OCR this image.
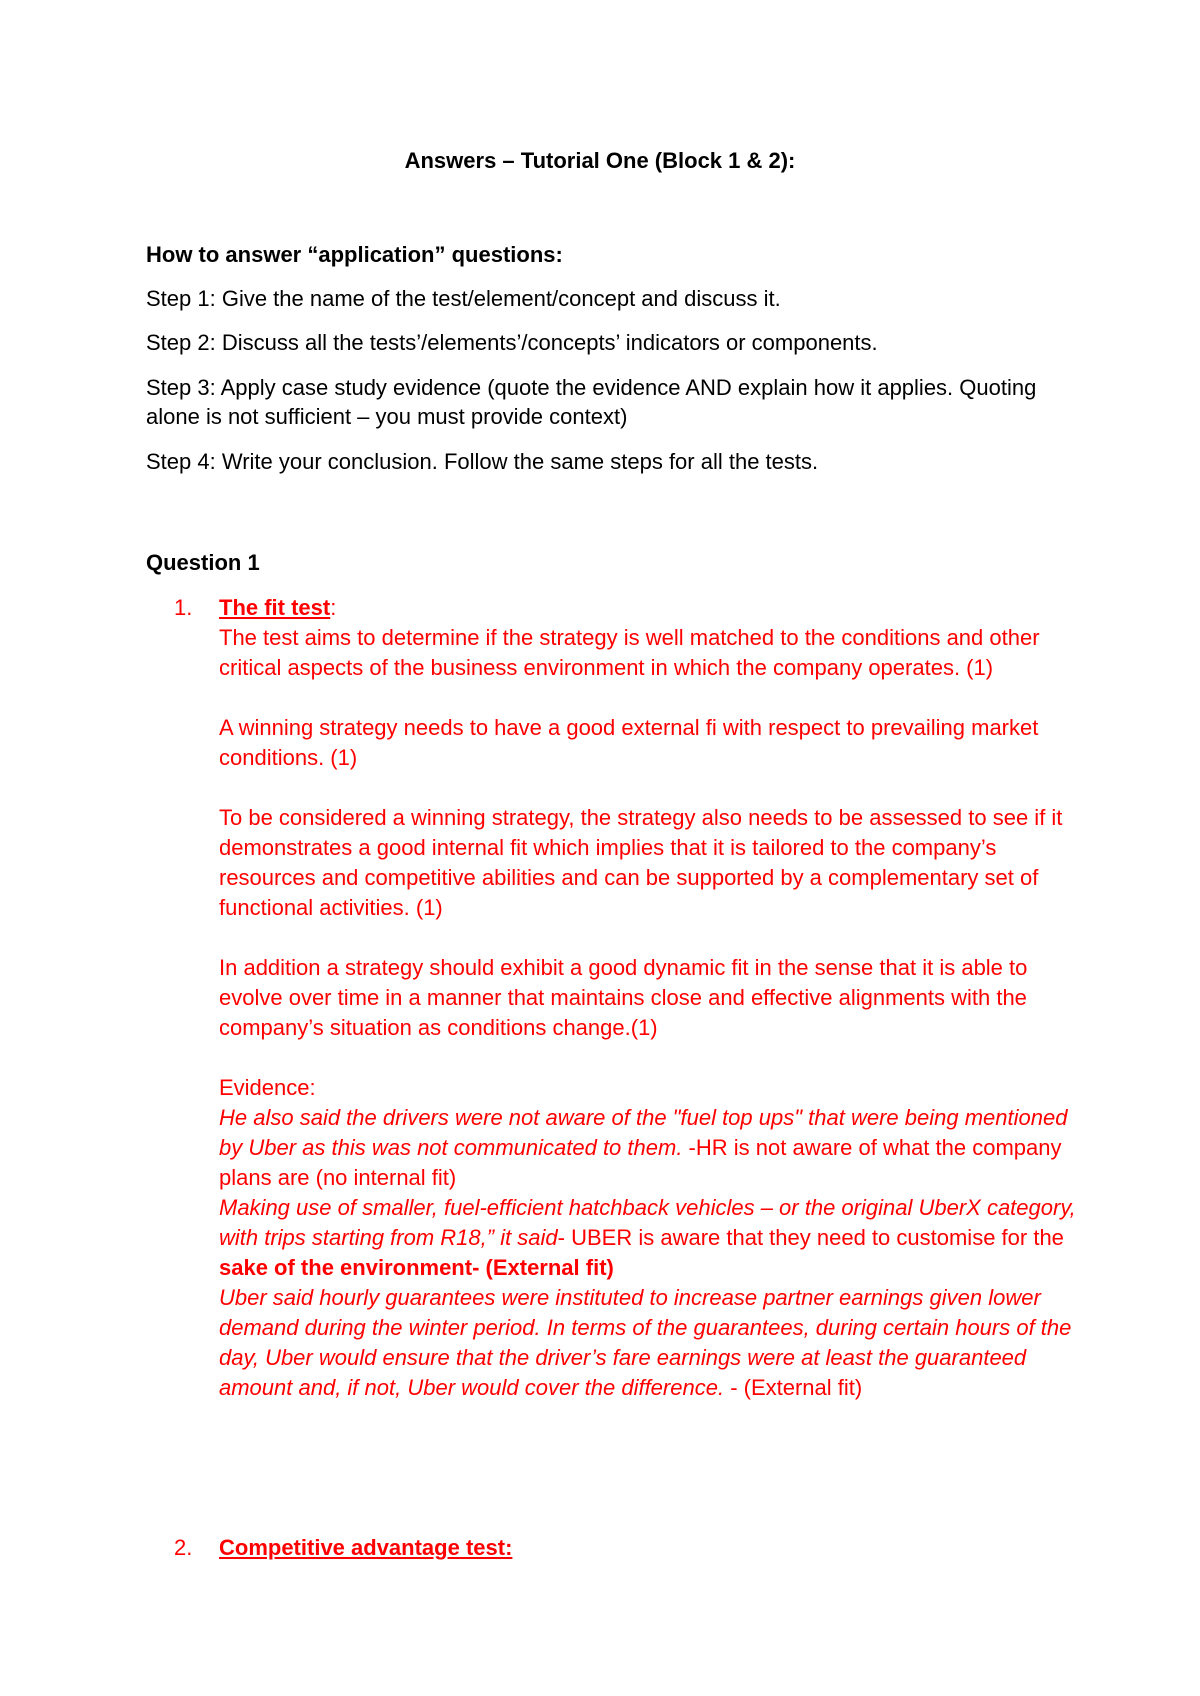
Answers – Tutorial One (Block 1 & 2):
How to answer “application” questions:
Step 1: Give the name of the test/element/concept and discuss it.
Step 2: Discuss all the tests’/elements’/concepts’ indicators or components.
Step 3: Apply case study evidence (quote the evidence AND explain how it applies. Quoting alone is not sufficient – you must provide context)
Step 4: Write your conclusion. Follow the same steps for all the tests.
Question 1
1. The fit test:

The test aims to determine if the strategy is well matched to the conditions and other critical aspects of the business environment in which the company operates. (1)

A winning strategy needs to have a good external fi with respect to prevailing market conditions. (1)

To be considered a winning strategy, the strategy also needs to be assessed to see if it demonstrates a good internal fit which implies that it is tailored to the company’s resources and competitive abilities and can be supported by a complementary set of functional activities. (1)

In addition a strategy should exhibit a good dynamic fit in the sense that it is able to evolve over time in a manner that maintains close and effective alignments with the company’s situation as conditions change.(1)

Evidence:

He also said the drivers were not aware of the "fuel top ups" that were being mentioned by Uber as this was not communicated to them. -HR is not aware of what the company plans are (no internal fit)

Making use of smaller, fuel-efficient hatchback vehicles – or the original UberX category, with trips starting from R18,” it said- UBER is aware that they need to customise for the sake of the environment- (External fit)

Uber said hourly guarantees were instituted to increase partner earnings given lower demand during the winter period. In terms of the guarantees, during certain hours of the day, Uber would ensure that the driver’s fare earnings were at least the guaranteed amount and, if not, Uber would cover the difference. - (External fit)

2. Competitive advantage test:
